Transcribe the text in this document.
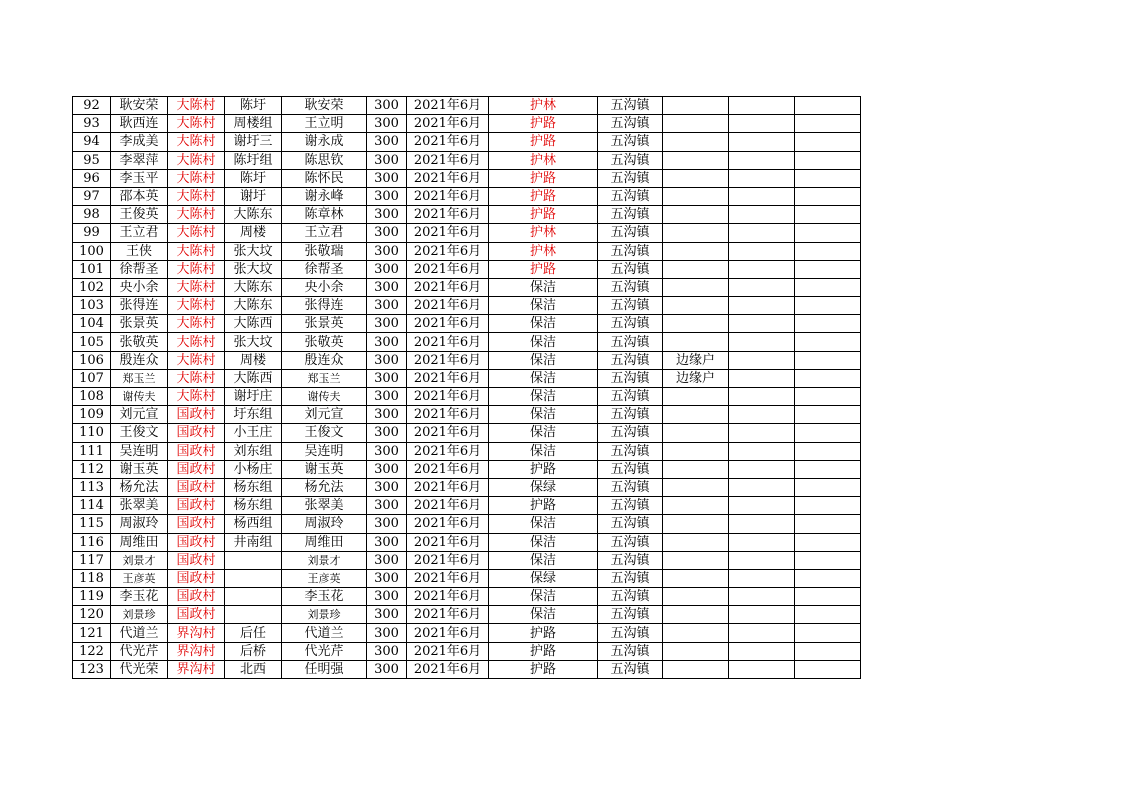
92	耿安荣	大陈村	陈圩	耿安荣	300	2021年6月	护林	五沟镇			
93	耿西连	大陈村	周楼组	王立明	300	2021年6月	护路	五沟镇			
94	李成美	大陈村	谢圩三	谢永成	300	2021年6月	护路	五沟镇			
95	李翠萍	大陈村	陈圩组	陈思钦	300	2021年6月	护林	五沟镇			
96	李玉平	大陈村	陈圩	陈怀民	300	2021年6月	护路	五沟镇			
97	邵本英	大陈村	谢圩	谢永峰	300	2021年6月	护路	五沟镇			
98	王俊英	大陈村	大陈东	陈章林	300	2021年6月	护路	五沟镇			
99	王立君	大陈村	周楼	王立君	300	2021年6月	护林	五沟镇			
100	王侠	大陈村	张大坟	张敬瑞	300	2021年6月	护林	五沟镇			
101	徐帮圣	大陈村	张大坟	徐帮圣	300	2021年6月	护路	五沟镇			
102	央小余	大陈村	大陈东	央小余	300	2021年6月	保洁	五沟镇			
103	张得连	大陈村	大陈东	张得连	300	2021年6月	保洁	五沟镇			
104	张景英	大陈村	大陈西	张景英	300	2021年6月	保洁	五沟镇			
105	张敬英	大陈村	张大坟	张敬英	300	2021年6月	保洁	五沟镇			
106	殷连众	大陈村	周楼	殷连众	300	2021年6月	保洁	五沟镇	边缘户		
107	郑玉兰	大陈村	大陈西	郑玉兰	300	2021年6月	保洁	五沟镇	边缘户		
108	谢传夫	大陈村	谢圩庄	谢传夫	300	2021年6月	保洁	五沟镇			
109	刘元宣	国政村	圩东组	刘元宣	300	2021年6月	保洁	五沟镇			
110	王俊文	国政村	小王庄	王俊文	300	2021年6月	保洁	五沟镇			
111	吴连明	国政村	刘东组	吴连明	300	2021年6月	保洁	五沟镇			
112	谢玉英	国政村	小杨庄	谢玉英	300	2021年6月	护路	五沟镇			
113	杨允法	国政村	杨东组	杨允法	300	2021年6月	保绿	五沟镇			
114	张翠美	国政村	杨东组	张翠美	300	2021年6月	护路	五沟镇			
115	周淑玲	国政村	杨西组	周淑玲	300	2021年6月	保洁	五沟镇			
116	周维田	国政村	井南组	周维田	300	2021年6月	保洁	五沟镇			
117	刘景才	国政村		刘景才	300	2021年6月	保洁	五沟镇			
118	王彦英	国政村		王彦英	300	2021年6月	保绿	五沟镇			
119	李玉花	国政村		李玉花	300	2021年6月	保洁	五沟镇			
120	刘景珍	国政村		刘景珍	300	2021年6月	保洁	五沟镇			
121	代道兰	界沟村	后任	代道兰	300	2021年6月	护路	五沟镇			
122	代光芹	界沟村	后桥	代光芹	300	2021年6月	护路	五沟镇			
123	代光荣	界沟村	北西	任明强	300	2021年6月	护路	五沟镇			
